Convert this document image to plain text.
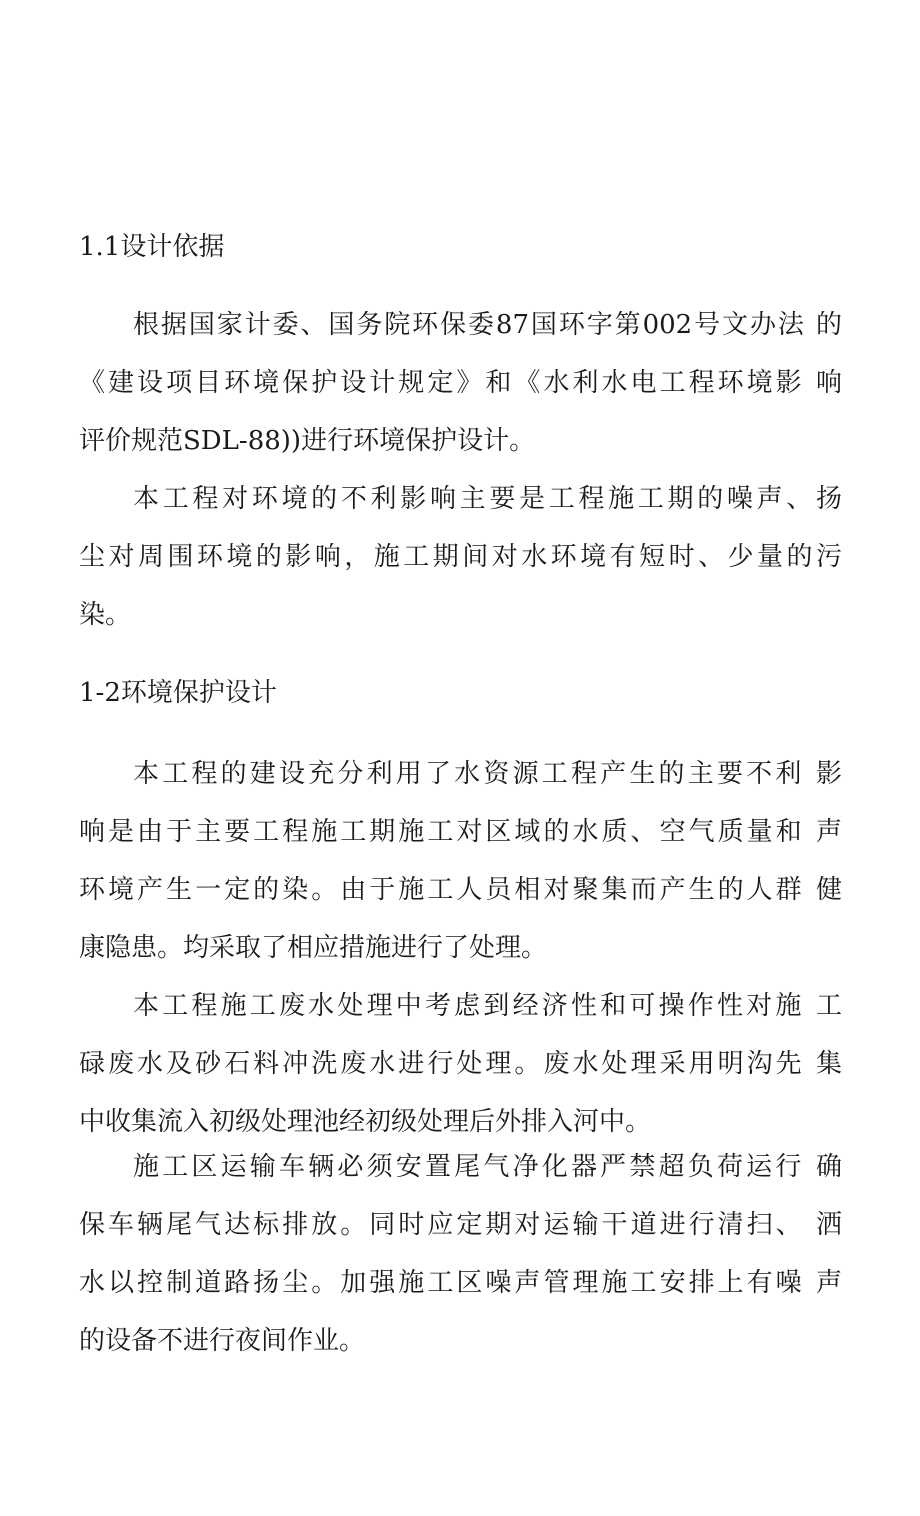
1.1设计依据
根据国家计委、国务院环保委87国环字第002号文办法 的
《建设项目环境保护设计规定》和《水利水电工程环境影 响
评价规范SDL-88))进行环境保护设计。
本工程对环境的不利影响主要是工程施工期的噪声、扬
尘对周围环境的影响，施工期间对水环境有短时、少量的污
染。
1-2环境保护设计
本工程的建设充分利用了水资源工程产生的主要不利 影
响是由于主要工程施工期施工对区域的水质、空气质量和 声
环境产生一定的染。由于施工人员相对聚集而产生的人群 健
康隐患。均采取了相应措施进行了处理。
本工程施工废水处理中考虑到经济性和可操作性对施 工
碌废水及砂石料冲洗废水进行处理。废水处理采用明沟先 集
中收集流入初级处理池经初级处理后外排入河中。
施工区运输车辆必须安置尾气净化器严禁超负荷运行 确
保车辆尾气达标排放。同时应定期对运输干道进行清扫、 洒
水以控制道路扬尘。加强施工区噪声管理施工安排上有噪 声
的设备不进行夜间作业。
